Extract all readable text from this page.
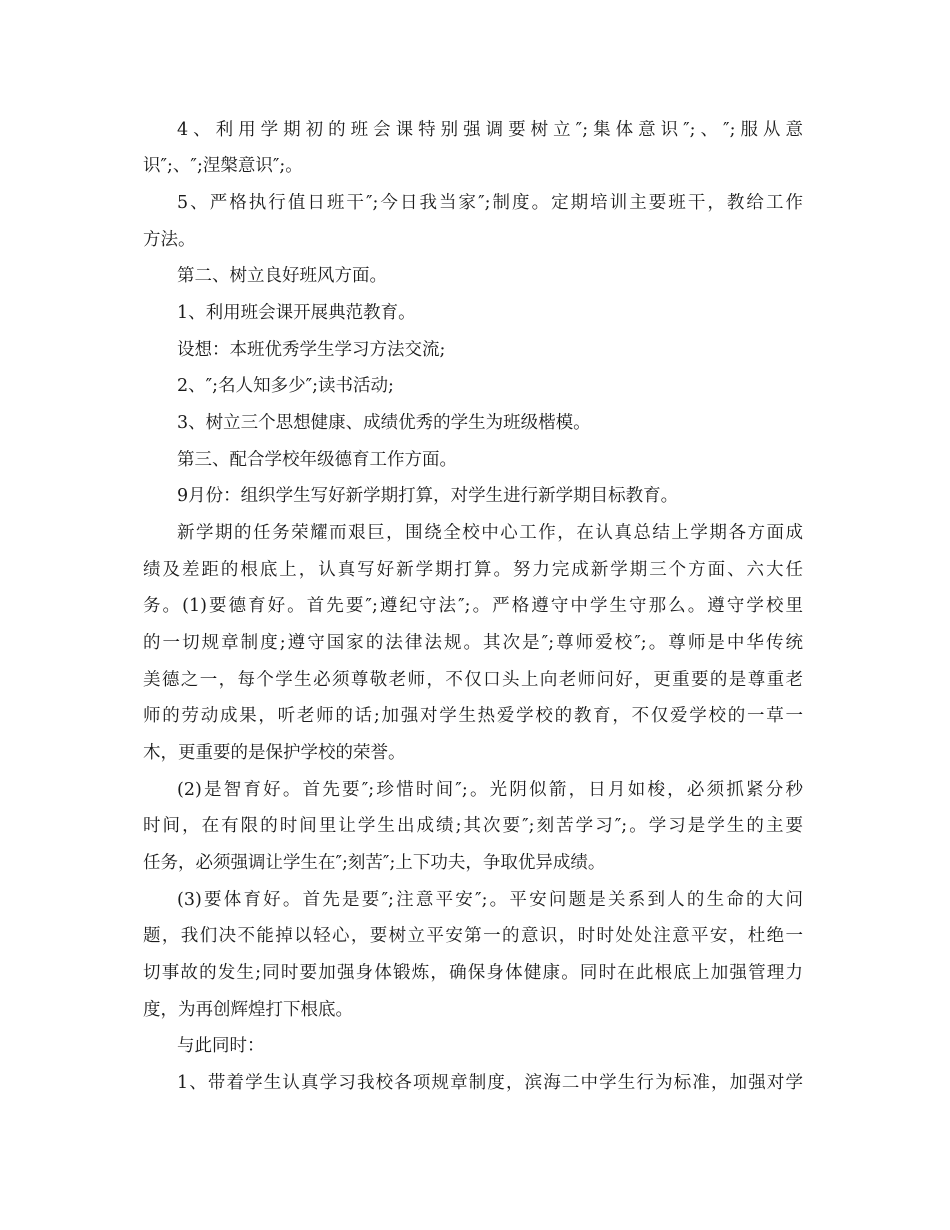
4、利用学期初的班会课特别强调要树立″;集体意识″;、″;服从意

识″;、″;涅槃意识″;。

5、严格执行值日班干″;今日我当家″;制度。定期培训主要班干，教给工作

方法。

第二、树立良好班风方面。

1、利用班会课开展典范教育。

设想：本班优秀学生学习方法交流;

2、″;名人知多少″;读书活动;

3、树立三个思想健康、成绩优秀的学生为班级楷模。

第三、配合学校年级德育工作方面。

9月份：组织学生写好新学期打算，对学生进行新学期目标教育。

新学期的任务荣耀而艰巨，围绕全校中心工作，在认真总结上学期各方面成

绩及差距的根底上，认真写好新学期打算。努力完成新学期三个方面、六大任

务。(1)要德育好。首先要″;遵纪守法″;。严格遵守中学生守那么。遵守学校里

的一切规章制度;遵守国家的法律法规。其次是″;尊师爱校″;。尊师是中华传统

美德之一，每个学生必须尊敬老师，不仅口头上向老师问好，更重要的是尊重老

师的劳动成果，听老师的话;加强对学生热爱学校的教育，不仅爱学校的一草一

木，更重要的是保护学校的荣誉。

(2)是智育好。首先要″;珍惜时间″;。光阴似箭，日月如梭，必须抓紧分秒

时间，在有限的时间里让学生出成绩;其次要″;刻苦学习″;。学习是学生的主要

任务，必须强调让学生在″;刻苦″;上下功夫，争取优异成绩。

(3)要体育好。首先是要″;注意平安″;。平安问题是关系到人的生命的大问

题，我们决不能掉以轻心，要树立平安第一的意识，时时处处注意平安，杜绝一

切事故的发生;同时要加强身体锻炼，确保身体健康。同时在此根底上加强管理力

度，为再创辉煌打下根底。

与此同时：

1、带着学生认真学习我校各项规章制度，滨海二中学生行为标准，加强对学
